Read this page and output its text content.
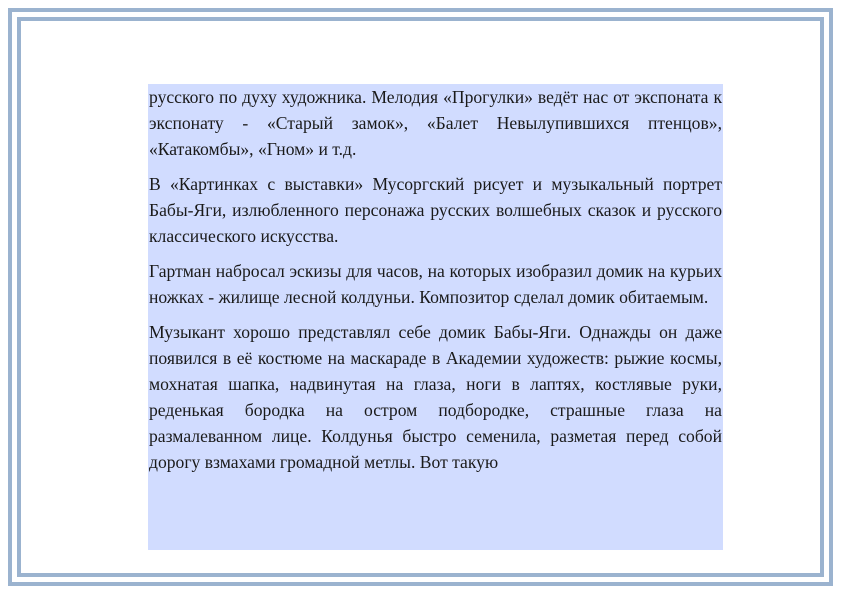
русского по духу художника. Мелодия «Прогулки» ведёт нас от экспоната к экспонату - «Старый замок», «Балет Невылупившихся птенцов», «Катакомбы», «Гном» и т.д.

В «Картинках с выставки» Мусоргский рисует и музыкальный портрет Бабы-Яги, излюбленного персонажа русских волшебных сказок и русского классического искусства.

Гартман набросал эскизы для часов, на которых изобразил домик на курьих ножках - жилище лесной колдуньи. Композитор сделал домик обитаемым.

Музыкант хорошо представлял себе домик Бабы-Яги. Однажды он даже появился в её костюме на маскараде в Академии художеств: рыжие космы, мохнатая шапка, надвинутая на глаза, ноги в лаптях, костлявые руки, реденькая бородка на остром подбородке, страшные глаза на размалеванном лице. Колдунья быстро семенила, разметая перед собой дорогу взмахами громадной метлы. Вот такую
